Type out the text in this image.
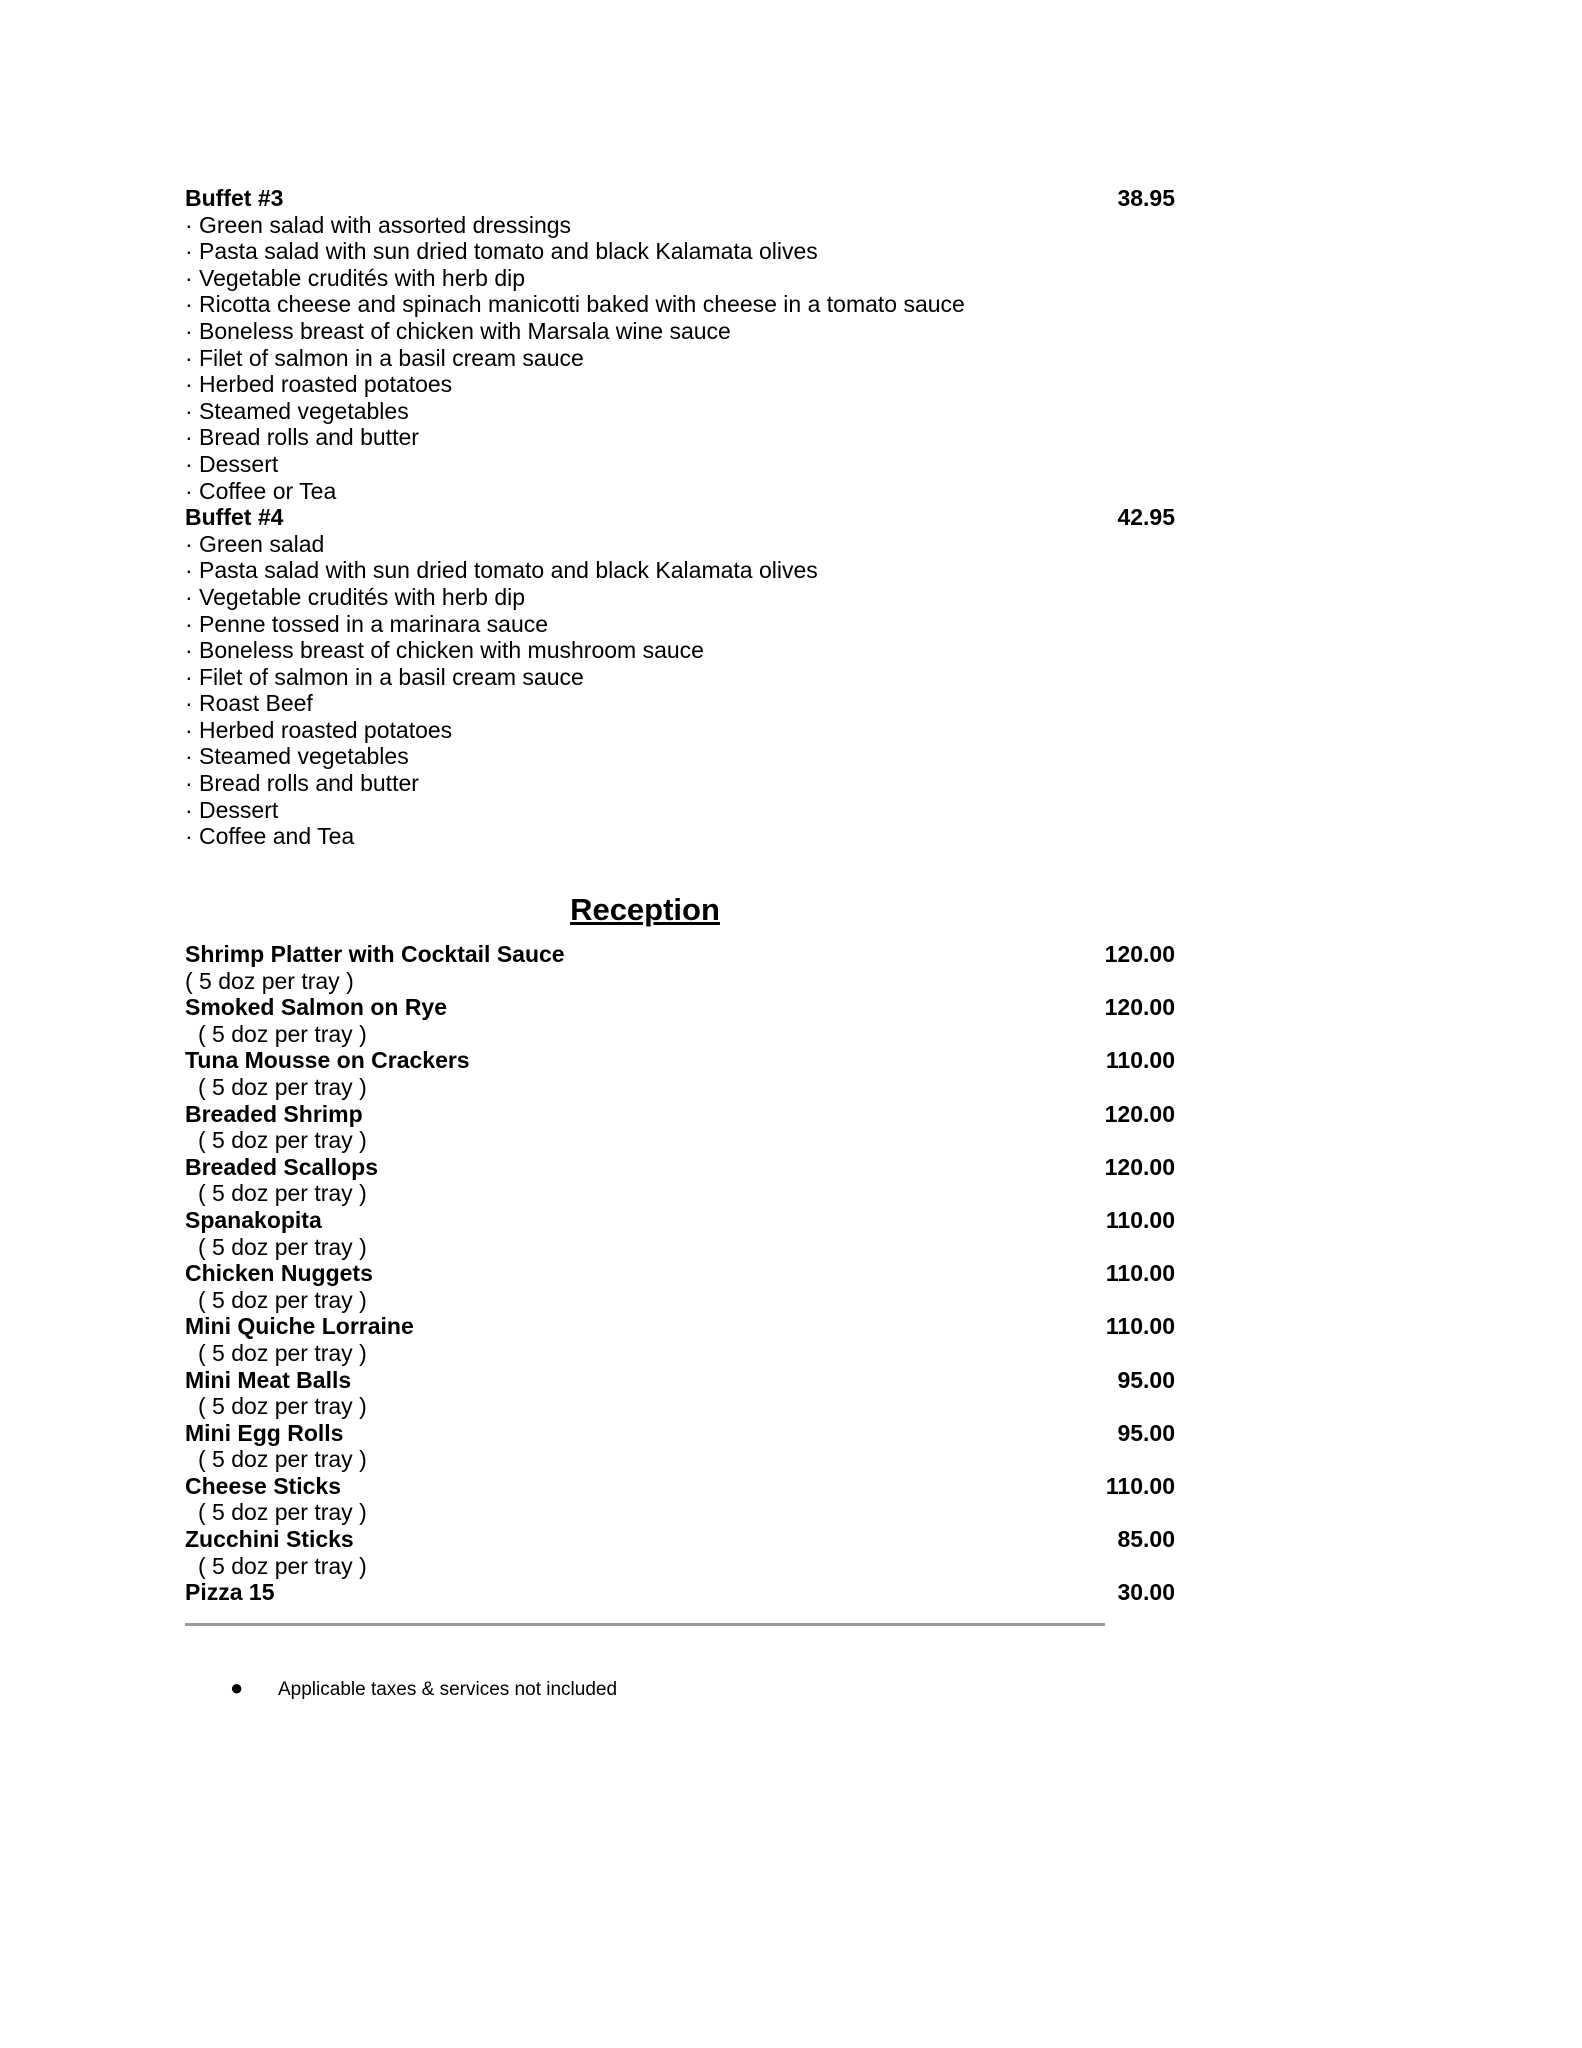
Buffet #3	38.95
· Green salad with assorted dressings
· Pasta salad with sun dried tomato and black Kalamata olives
· Vegetable crudités with herb dip
· Ricotta cheese and spinach manicotti baked with cheese in a tomato sauce
· Boneless breast of chicken with Marsala wine sauce
· Filet of salmon in a basil cream sauce
· Herbed roasted potatoes
· Steamed vegetables
· Bread rolls and butter
· Dessert
· Coffee or Tea
Buffet #4	42.95
· Green salad
· Pasta salad with sun dried tomato and black Kalamata olives
· Vegetable crudités with herb dip
· Penne tossed in a marinara sauce
· Boneless breast of chicken with mushroom sauce
· Filet of salmon in a basil cream sauce
· Roast Beef
· Herbed roasted potatoes
· Steamed vegetables
· Bread rolls and butter
· Dessert
· Coffee and Tea
Reception
Shrimp Platter with Cocktail Sauce	120.00
( 5 doz per tray )
Smoked Salmon on Rye	120.00
( 5 doz per tray )
Tuna Mousse on Crackers	110.00
( 5 doz per tray )
Breaded Shrimp	120.00
( 5 doz per tray )
Breaded Scallops	120.00
( 5 doz per tray )
Spanakopita	110.00
( 5 doz per tray )
Chicken Nuggets	110.00
( 5 doz per tray )
Mini Quiche Lorraine	110.00
( 5 doz per tray )
Mini Meat Balls	95.00
( 5 doz per tray )
Mini Egg Rolls	95.00
( 5 doz per tray )
Cheese Sticks	110.00
( 5 doz per tray )
Zucchini Sticks	85.00
( 5 doz per tray )
Pizza 15	30.00
● Applicable taxes & services not included
